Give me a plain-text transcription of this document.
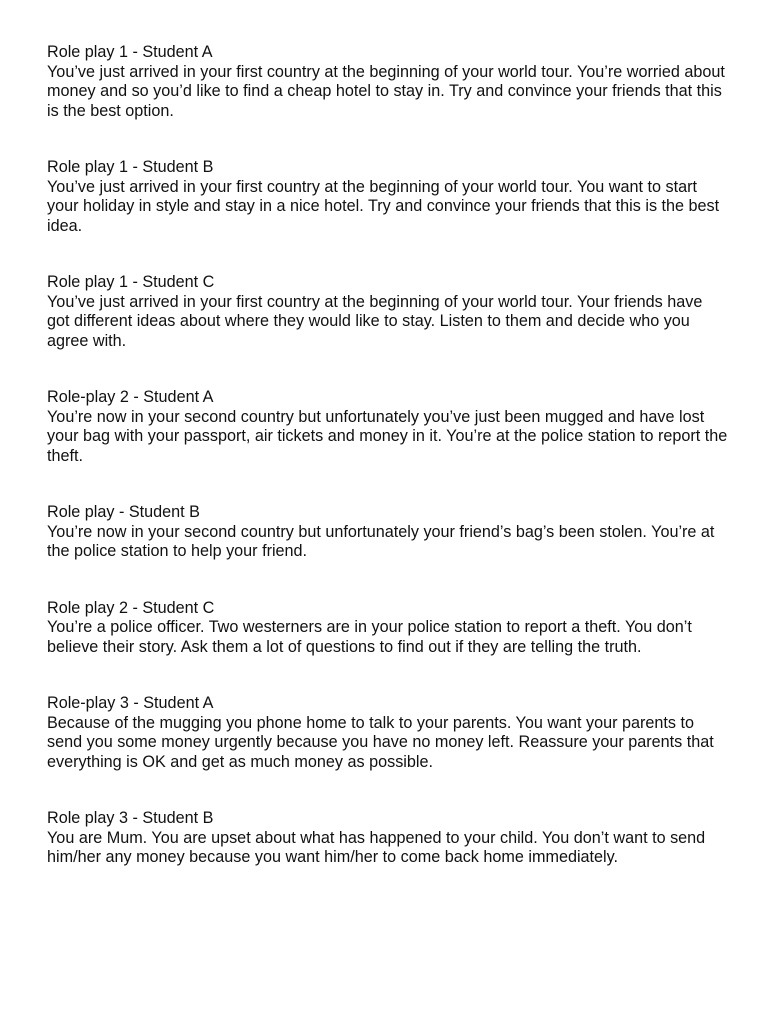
Role play 1 - Student A

You’ve just arrived in your first country at the beginning of your world tour. You’re worried about money and so you’d like to find a cheap hotel to stay in. Try and convince your friends that this is the best option.

Role play 1 - Student B

You’ve just arrived in your first country at the beginning of your world tour. You want to start your holiday in style and stay in a nice hotel. Try and convince your friends that this is the best idea.

Role play 1 - Student C

You’ve just arrived in your first country at the beginning of your world tour. Your friends have got different ideas about where they would like to stay. Listen to them and decide who you agree with.

Role-play 2 - Student A

You’re now in your second country but unfortunately you’ve just been mugged and have lost your bag with your passport, air tickets and money in it. You’re at the police station to report the theft.

Role play - Student B

You’re now in your second country but unfortunately your friend’s bag’s been stolen. You’re at the police station to help your friend.

Role play 2 - Student C

You’re a police officer. Two westerners are in your police station to report a theft. You don’t believe their story. Ask them a lot of questions to find out if they are telling the truth.

Role-play 3 - Student A

Because of the mugging you phone home to talk to your parents. You want your parents to send you some money urgently because you have no money left. Reassure your parents that everything is OK and get as much money as possible.

Role play 3 - Student B

You are Mum. You are upset about what has happened to your child. You don’t want to send him/her any money because you want him/her to come back home immediately.
